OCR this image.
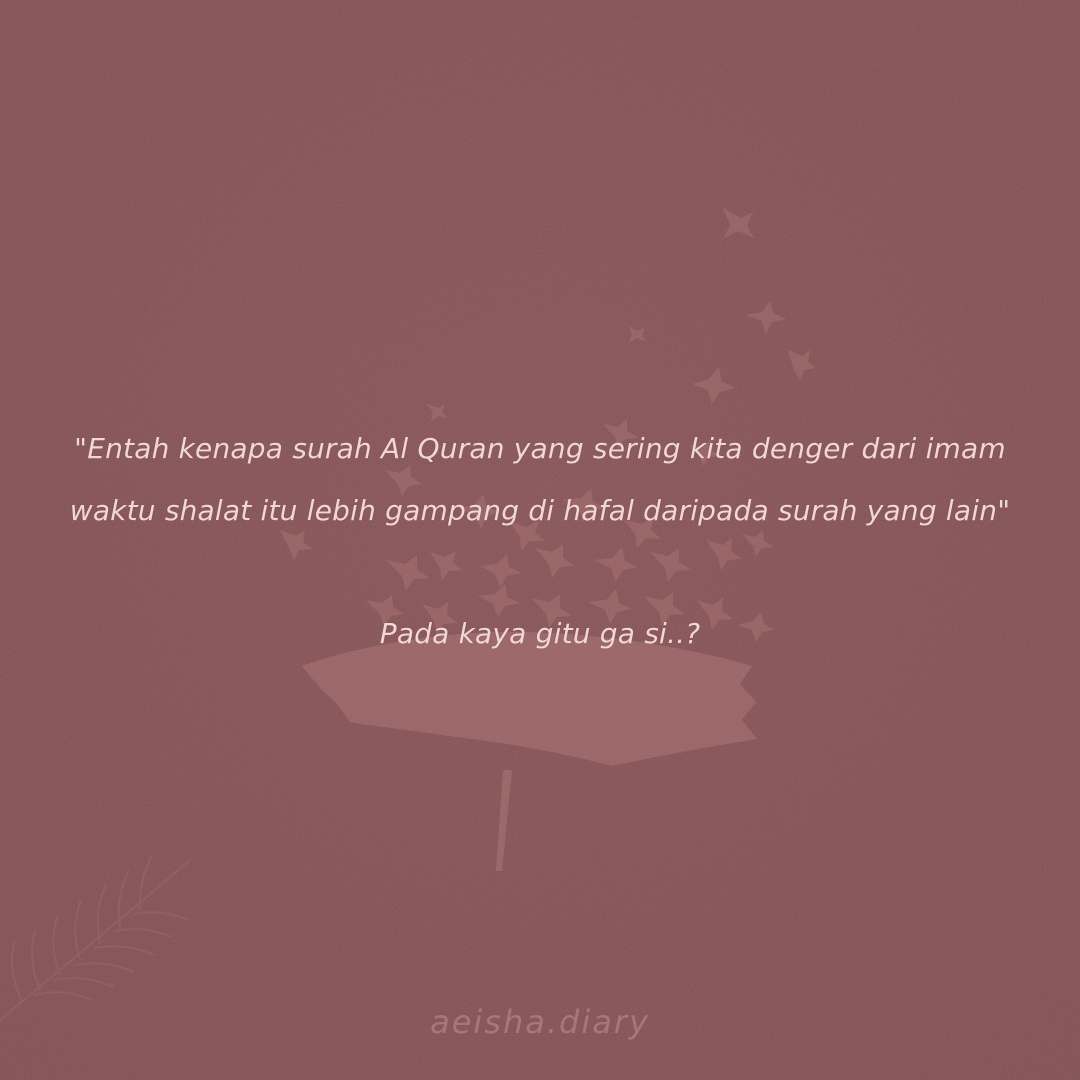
"Entah kenapa surah Al Quran yang sering kita denger dari imam
waktu shalat itu lebih gampang di hafal daripada surah yang lain"
Pada kaya gitu ga si..?
aeisha.diary
